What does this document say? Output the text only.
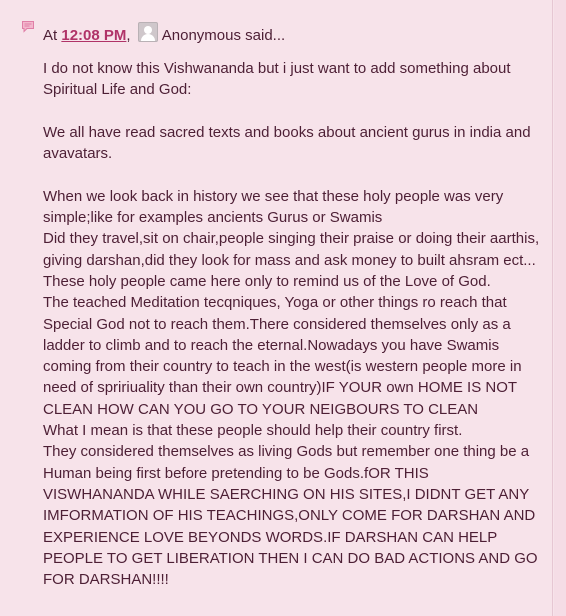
At 12:08 PM, Anonymous said...
I do not know this Vishwananda but i just want to add something about
Spiritual Life and God:
We all have read sacred texts and books about ancient gurus in india and
avavatars.
When we look back in history we see that these holy people was very
simple;like for examples ancients Gurus or Swamis
Did they travel,sit on chair,people singing their praise or doing their aarthis,
giving darshan,did they look for mass and ask money to built ahsram ect...
These holy people came here only to remind us of the Love of God.
The teached Meditation tecqniques, Yoga or other things ro reach that
Special God not to reach them.There considered themselves only as a
ladder to climb and to reach the eternal.Nowadays you have Swamis
coming from their country to teach in the west(is western people more in
need of spririuality than their own country)IF YOUR own HOME IS NOT
CLEAN HOW CAN YOU GO TO YOUR NEIGBOURS TO CLEAN
What I mean is that these people should help their country first.
They considered themselves as living Gods but remember one thing be a
Human being first before pretending to be Gods.fOR THIS
VISWHANANDA WHILE SAERCHING ON HIS SITES,I DIDNT GET ANY
IMFORMATION OF HIS TEACHINGS,ONLY COME FOR DARSHAN AND
EXPERIENCE LOVE BEYONDS WORDS.IF DARSHAN CAN HELP
PEOPLE TO GET LIBERATION THEN I CAN DO BAD ACTIONS AND GO
FOR DARSHAN!!!!
